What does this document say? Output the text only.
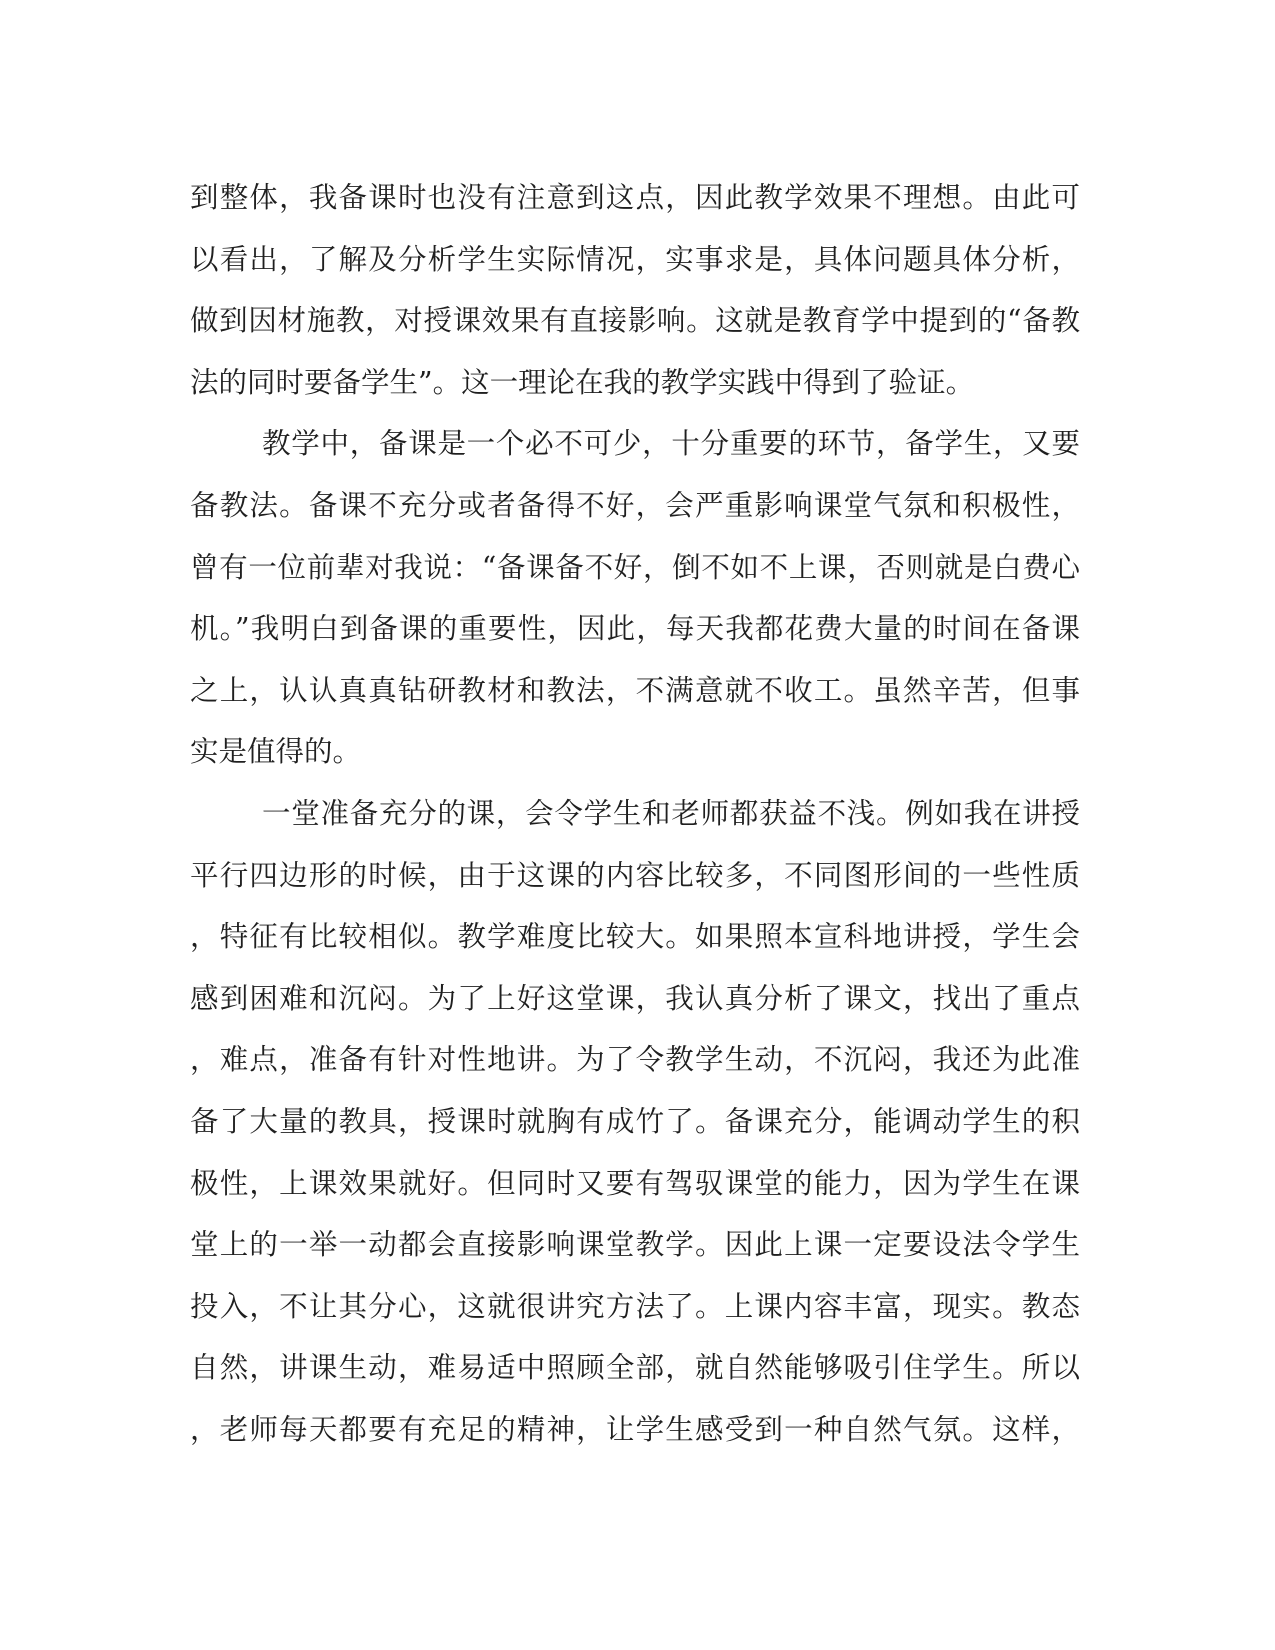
到整体，我备课时也没有注意到这点，因此教学效果不理想。由此可
以看出，了解及分析学生实际情况，实事求是，具体问题具体分析，
做到因材施教，对授课效果有直接影响。这就是教育学中提到的“备教
法的同时要备学生”。这一理论在我的教学实践中得到了验证。
教学中，备课是一个必不可少，十分重要的环节，备学生，又要
备教法。备课不充分或者备得不好，会严重影响课堂气氛和积极性，
曾有一位前辈对我说：“备课备不好，倒不如不上课，否则就是白费心
机。”我明白到备课的重要性，因此，每天我都花费大量的时间在备课
之上，认认真真钻研教材和教法，不满意就不收工。虽然辛苦，但事
实是值得的。
一堂准备充分的课，会令学生和老师都获益不浅。例如我在讲授
平行四边形的时候，由于这课的内容比较多，不同图形间的一些性质
，特征有比较相似。教学难度比较大。如果照本宣科地讲授，学生会
感到困难和沉闷。为了上好这堂课，我认真分析了课文，找出了重点
，难点，准备有针对性地讲。为了令教学生动，不沉闷，我还为此准
备了大量的教具，授课时就胸有成竹了。备课充分，能调动学生的积
极性，上课效果就好。但同时又要有驾驭课堂的能力，因为学生在课
堂上的一举一动都会直接影响课堂教学。因此上课一定要设法令学生
投入，不让其分心，这就很讲究方法了。上课内容丰富，现实。教态
自然，讲课生动，难易适中照顾全部，就自然能够吸引住学生。所以
，老师每天都要有充足的精神，让学生感受到一种自然气氛。这样，
